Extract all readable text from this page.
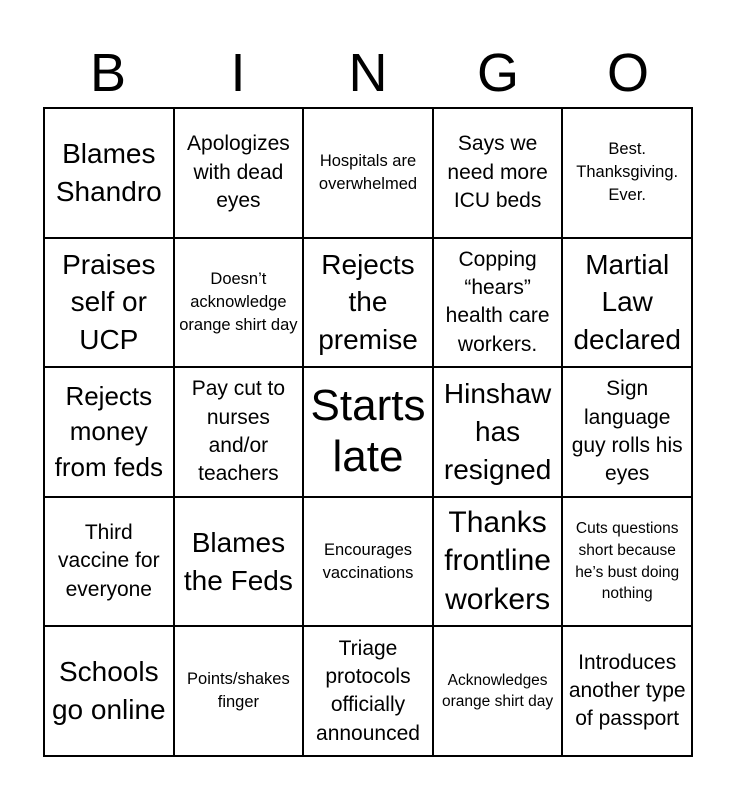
B	I	N	G	O
Blames Shandro
Apologizes with dead eyes
Hospitals are overwhelmed
Says we need more ICU beds
Best. Thanksgiving. Ever.
Praises self or UCP
Doesn’t acknowledge orange shirt day
Rejects the premise
Copping “hears” health care workers.
Martial Law declared
Rejects money from feds
Pay cut to nurses and/or teachers
Starts late
Hinshaw has resigned
Sign language guy rolls his eyes
Third vaccine for everyone
Blames the Feds
Encourages vaccinations
Thanks frontline workers
Cuts questions short because he’s bust doing nothing
Schools go online
Points/shakes finger
Triage protocols officially announced
Acknowledges orange shirt day
Introduces another type of passport
